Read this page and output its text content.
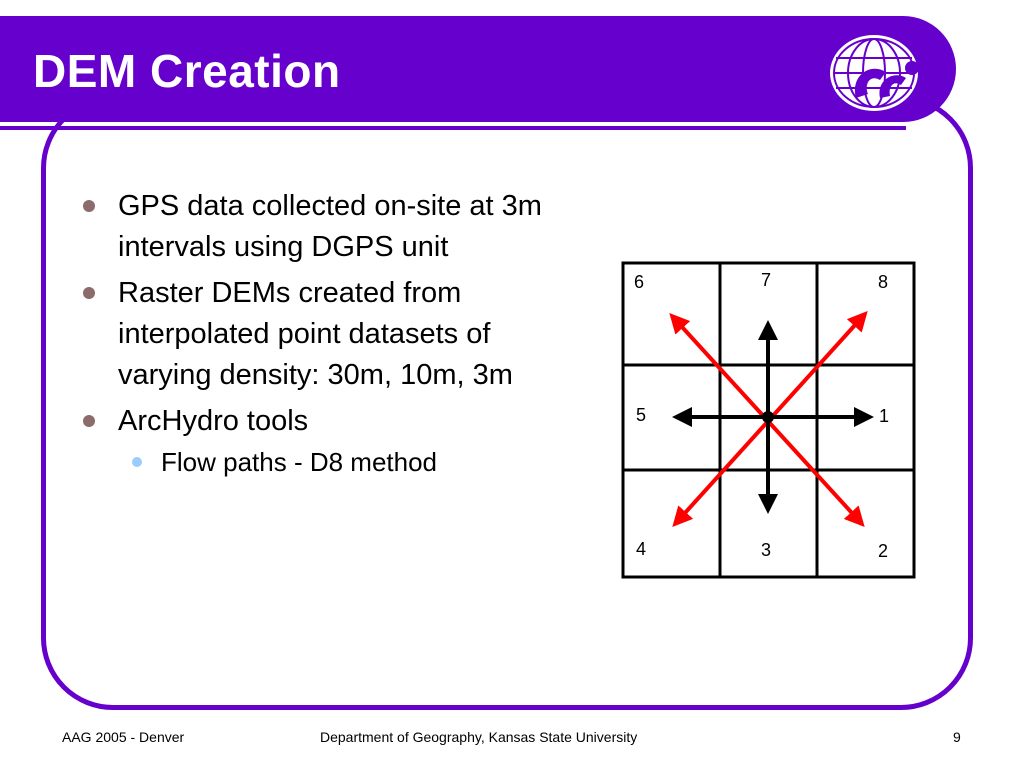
DEM Creation
GPS data collected on-site at 3m intervals using DGPS unit
Raster DEMs created from interpolated point datasets of varying density: 30m, 10m, 3m
ArcHydro tools
Flow paths - D8 method
6	7	8
5	1
4	3	2
AAG 2005 - Denver	Department of Geography, Kansas State University	9
